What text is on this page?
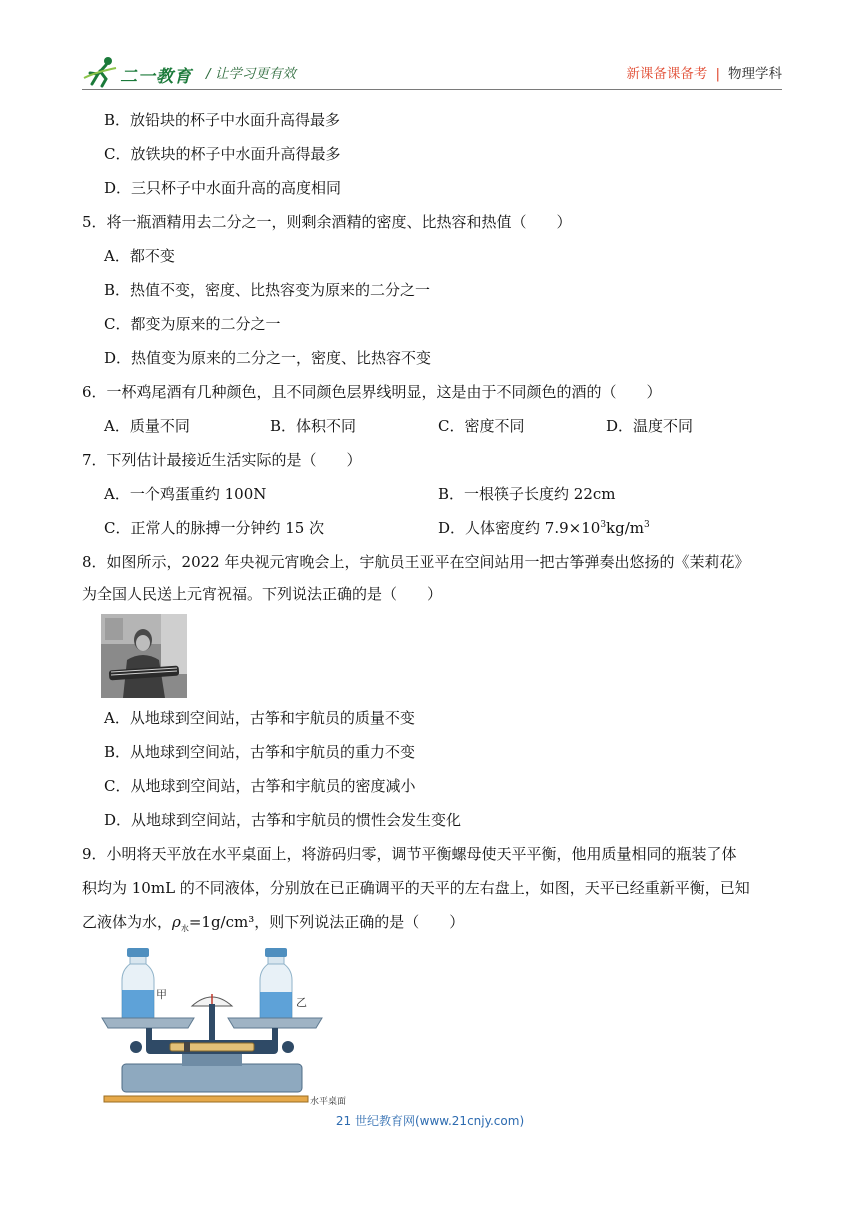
二一教育 / 让学习更有效	新课备课备考 | 物理学科
B．放铅块的杯子中水面升高得最多
C．放铁块的杯子中水面升高得最多
D．三只杯子中水面升高的高度相同
5．将一瓶酒精用去二分之一，则剩余酒精的密度、比热容和热值（　　）
A．都不变
B．热值不变，密度、比热容变为原来的二分之一
C．都变为原来的二分之一
D．热值变为原来的二分之一，密度、比热容不变
6．一杯鸡尾酒有几种颜色，且不同颜色层界线明显，这是由于不同颜色的酒的（　　）
A．质量不同	B．体积不同	C．密度不同	D．温度不同
7．下列估计最接近生活实际的是（　　）
A．一个鸡蛋重约 100N	B．一根筷子长度约 22cm
C．正常人的脉搏一分钟约 15 次	D．人体密度约 $7.9\times 10^3kg/m^3$
8．如图所示，2022 年央视元宵晚会上，宇航员王亚平在空间站用一把古筝弹奏出悠扬的《茉莉花》
为全国人民送上元宵祝福。下列说法正确的是（　　）
A．从地球到空间站，古筝和宇航员的质量不变
B．从地球到空间站，古筝和宇航员的重力不变
C．从地球到空间站，古筝和宇航员的密度减小
D．从地球到空间站，古筝和宇航员的惯性会发生变化
9．小明将天平放在水平桌面上，将游码归零，调节平衡螺母使天平平衡，他用质量相同的瓶装了体
积均为 10mL 的不同液体，分别放在已正确调平的天平的左右盘上，如图，天平已经重新平衡，已知
乙液体为水，$\rho_水=1g$/cm³，则下列说法正确的是（　　）
甲
乙
水平桌面
21 世纪教育网(www.21cnjy.com)
